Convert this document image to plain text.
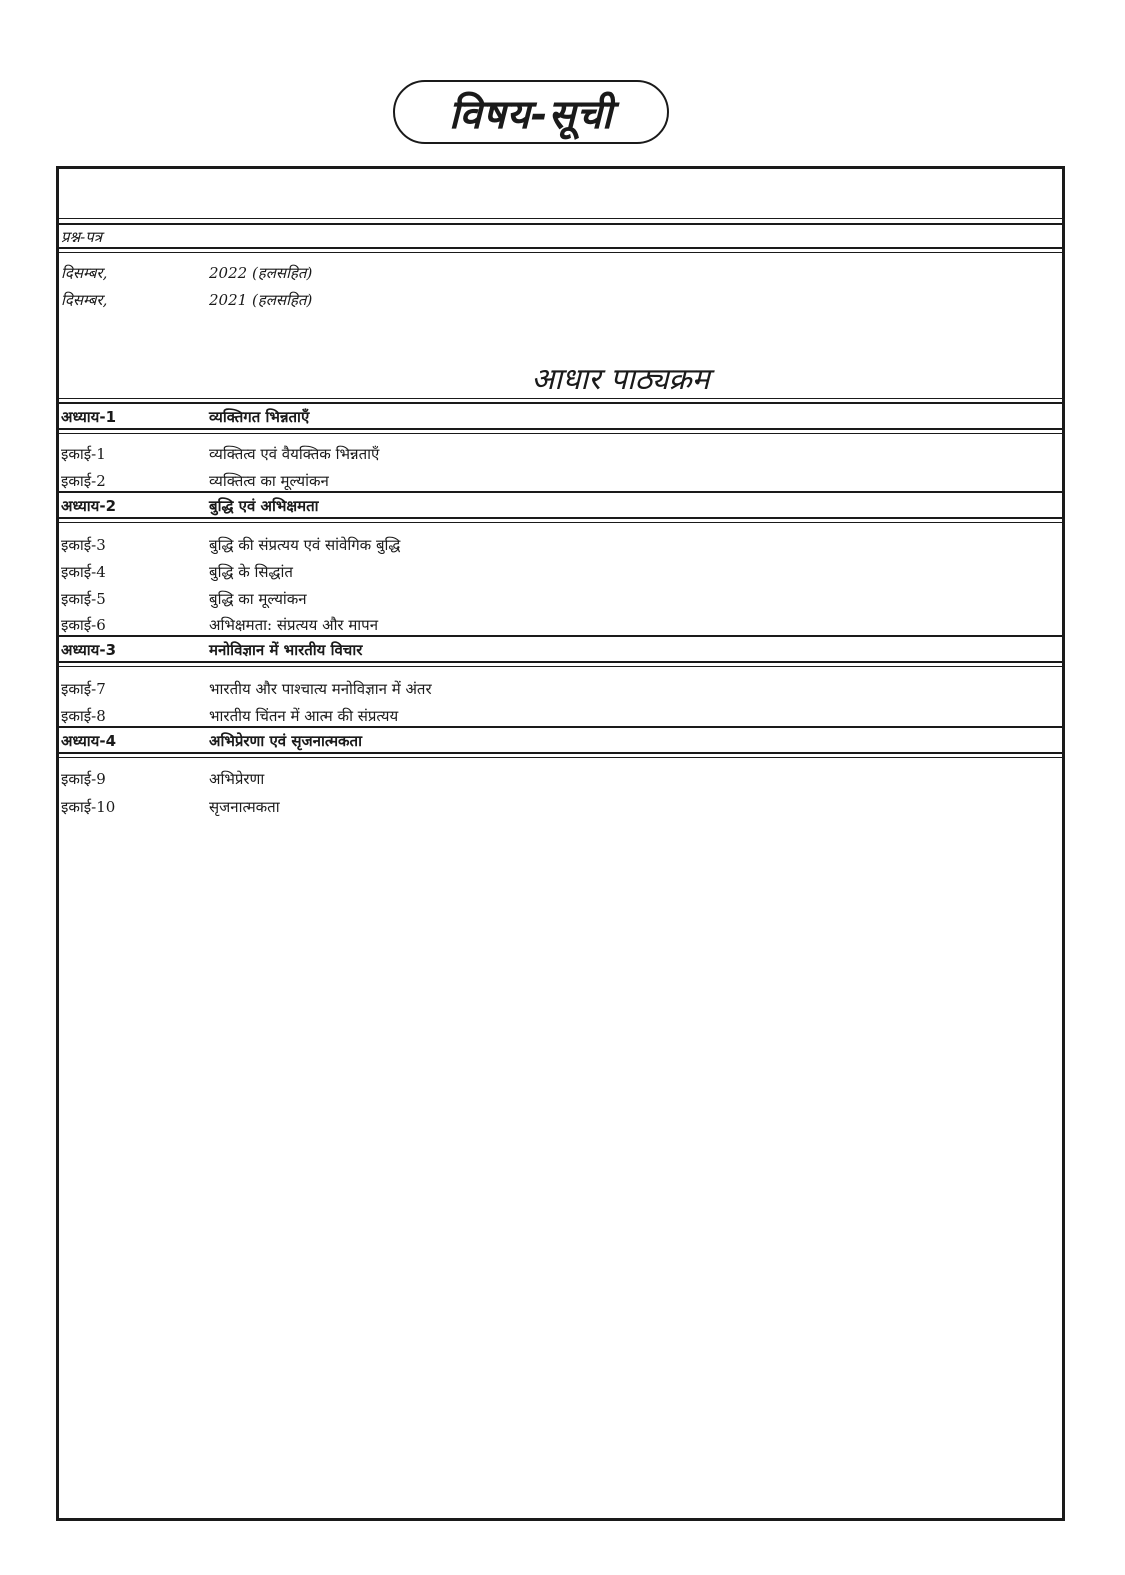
विषय-सूची
प्रश्न-पत्र
दिसम्बर,	2022 (हलसहित)
दिसम्बर,	2021 (हलसहित)
आधार पाठ्यक्रम
अध्याय-1	व्यक्तिगत भिन्नताएँ
इकाई-1	व्यक्तित्व एवं वैयक्तिक भिन्नताएँ
इकाई-2	व्यक्तित्व का मूल्यांकन
अध्याय-2	बुद्धि एवं अभिक्षमता
इकाई-3	बुद्धि की संप्रत्यय एवं सांवेगिक बुद्धि
इकाई-4	बुद्धि के सिद्धांत
इकाई-5	बुद्धि का मूल्यांकन
इकाई-6	अभिक्षमता: संप्रत्यय और मापन
अध्याय-3	मनोविज्ञान में भारतीय विचार
इकाई-7	भारतीय और पाश्चात्य मनोविज्ञान में अंतर
इकाई-8	भारतीय चिंतन में आत्म की संप्रत्यय
अध्याय-4	अभिप्रेरणा एवं सृजनात्मकता
इकाई-9	अभिप्रेरणा
इकाई-10	सृजनात्मकता
